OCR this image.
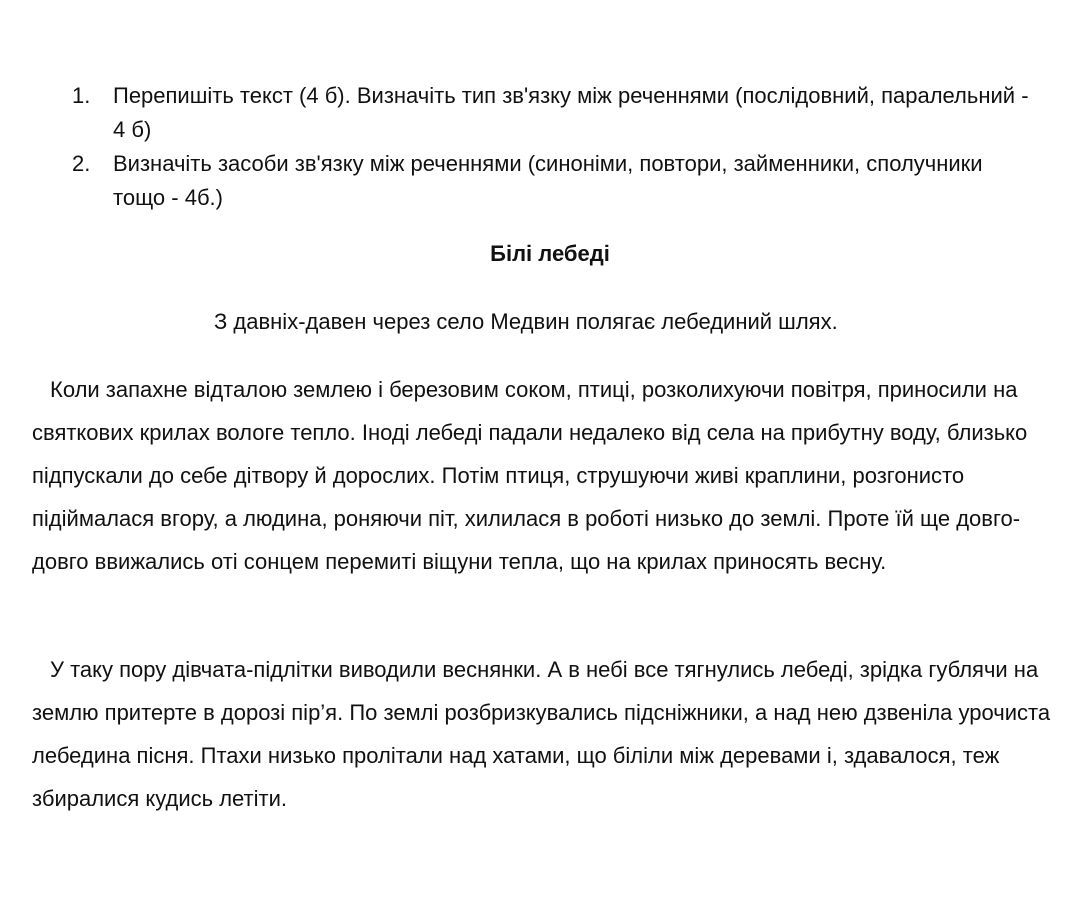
1. Перепишіть текст (4 б). Визначіть тип зв'язку між реченнями (послідовний, паралельний - 4 б)
2. Визначіть засоби зв'язку між реченнями (синоніми, повтори, займенники, сполучники тощо - 4б.)
Білі лебеді
З давніх-давен через село Медвин полягає лебединий шлях.

Коли запахне відталою землею і березовим соком, птиці, розколихуючи повітря, приносили на святкових крилах вологе тепло. Іноді лебеді падали недалеко від села на прибутну воду, близько підпускали до себе дітвору й дорослих. Потім птиця, струшуючи живі краплини, розгонисто підіймалася вгору, а людина, роняючи піт, хилилася в роботі низько до землі. Проте їй ще довго-довго ввижались оті сонцем перемиті віщуни тепла, що на крилах приносять весну.

У таку пору дівчата-підлітки виводили веснянки. А в небі все тягнулись лебеді, зрідка гублячи на землю притерте в дорозі пір’я. По землі розбризкувались підсніжники, а над нею дзвеніла урочиста лебедина пісня. Птахи низько пролітали над хатами, що біліли між деревами і, здавалося, теж збиралися кудись летіти.
